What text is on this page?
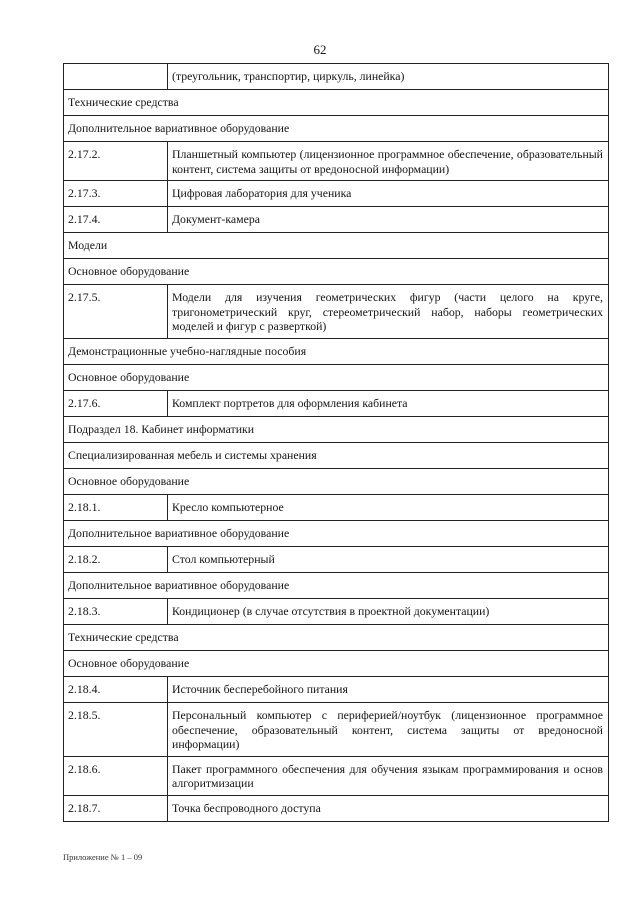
62
	(треугольник, транспортир, циркуль, линейка)
Технические средства	
Дополнительное вариативное оборудование	
2.17.2.	Планшетный компьютер (лицензионное программное обеспечение, образовательный контент, система защиты от вредоносной информации)
2.17.3.	Цифровая лаборатория для ученика
2.17.4.	Документ-камера
Модели	
Основное оборудование	
2.17.5.	Модели для изучения геометрических фигур (части целого на круге, тригонометрический круг, стереометрический набор, наборы геометрических моделей и фигур с разверткой)
Демонстрационные учебно-наглядные пособия	
Основное оборудование	
2.17.6.	Комплект портретов для оформления кабинета
Подраздел 18. Кабинет информатики	
Специализированная мебель и системы хранения	
Основное оборудование	
2.18.1.	Кресло компьютерное
Дополнительное вариативное оборудование	
2.18.2.	Стол компьютерный
Дополнительное вариативное оборудование	
2.18.3.	Кондиционер (в случае отсутствия в проектной документации)
Технические средства	
Основное оборудование	
2.18.4.	Источник бесперебойного питания
2.18.5.	Персональный компьютер с периферией/ноутбук (лицензионное программное обеспечение, образовательный контент, система защиты от вредоносной информации)
2.18.6.	Пакет программного обеспечения для обучения языкам программирования и основ алгоритмизации
2.18.7.	Точка беспроводного доступа
Приложение № 1 – 09
